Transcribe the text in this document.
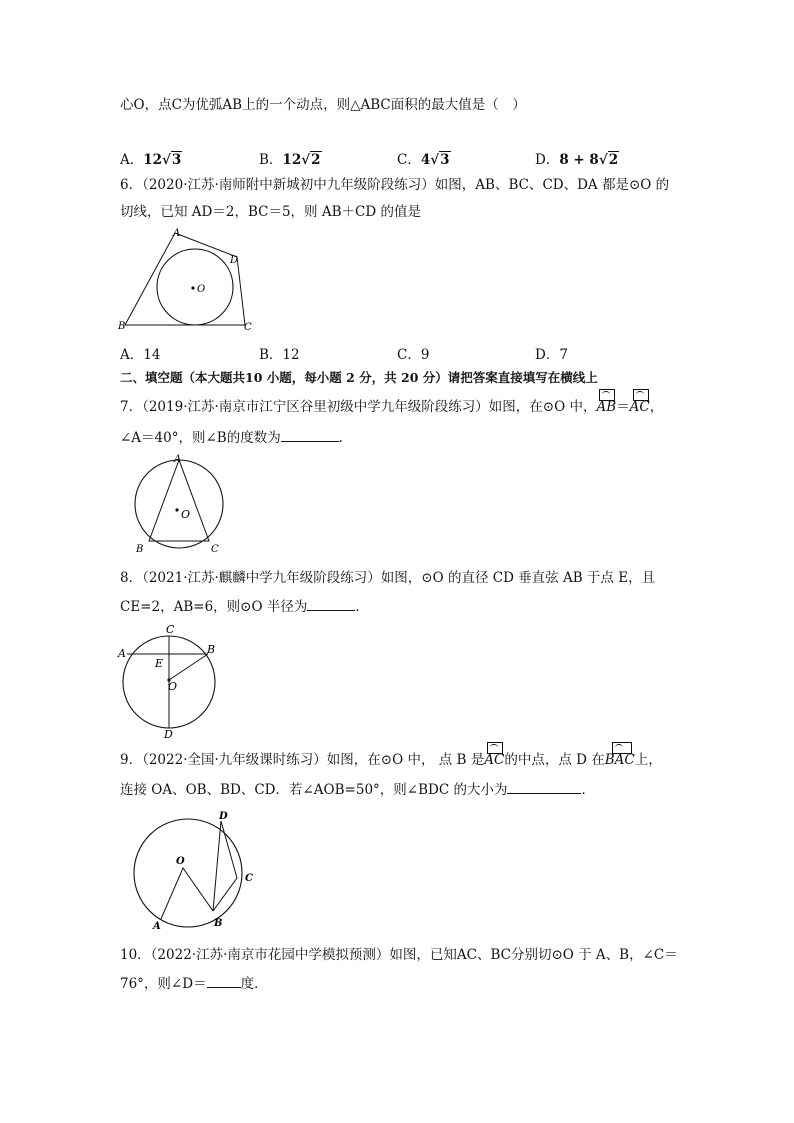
心O，点C为优弧AB上的一个动点，则△ABC面积的最大值是（　）
A．12√3	B．12√2	C．4√3	D．8 + 8√2
6．（2020·江苏·南师附中新城初中九年级阶段练习）如图，AB、BC、CD、DA 都是⊙O 的
切线，已知 AD＝2，BC＝5，则 AB＋CD 的值是
A
D
B	C
O
A．14	B．12	C．9	D．7
二、填空题（本大题共10 小题，每小题 2 分，共 20 分）请把答案直接填写在横线上
7．（2019·江苏·南京市江宁区谷里初级中学九年级阶段练习）如图，在⊙O 中，
AB＝
AC，
∠A＝40°，则∠B的度数为	．
A
B	C
O
8．（2021·江苏·麒麟中学九年级阶段练习）如图，⊙O 的直径 CD 垂直弦 AB 于点 E，且
CE=2，AB=6，则⊙O 半径为	．
C
A	B
E
O
D
9．（2022·全国·九年级课时练习）如图，在⊙O 中， 点 B 是
AC的中点，点 D 在
BAC上，
连接 OA、OB、BD、CD．若∠AOB=50°，则∠BDC 的大小为	．
O
A	B
C
D
10．（2022·江苏·南京市花园中学模拟预测）如图，已知AC、BC分别切⊙O 于 A、B，∠C＝
76°，则∠D＝	度．
